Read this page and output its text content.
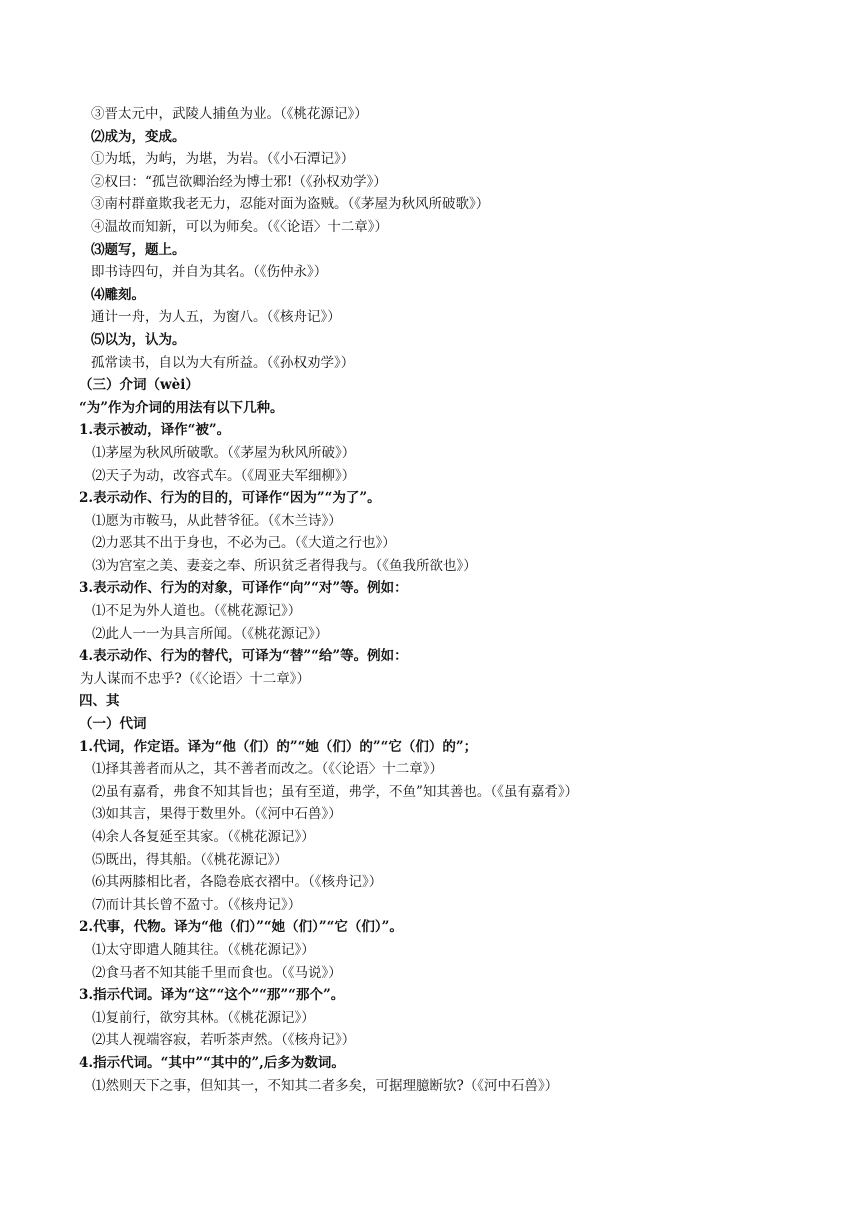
③晋太元中，武陵人捕鱼为业。（《桃花源记》）
⑵成为，变成。
①为坻，为屿，为堪，为岩。（《小石潭记》）
②权曰：“孤岂欲卿治经为博士邪!（《孙权劝学》）
③南村群童欺我老无力，忍能对面为盗贼。（《茅屋为秋风所破歌》）
④温故而知新，可以为师矣。（《〈论语〉十二章》）
⑶题写，题上。
即书诗四句，并自为其名。（《伤仲永》）
⑷雕刻。
通计一舟，为人五，为窗八。（《核舟记》）
⑸以为，认为。
孤常读书，自以为大有所益。（《孙权劝学》）
（三）介词（wèi）
“为”作为介词的用法有以下几种。
1.表示被动，译作“被”。
⑴茅屋为秋风所破歌。（《茅屋为秋风所破》）
⑵天子为动，改容式车。（《周亚夫军细柳》）
2.表示动作、行为的目的，可译作“因为”“为了”。
⑴愿为市鞍马，从此替爷征。（《木兰诗》）
⑵力恶其不出于身也，不必为己。（《大道之行也》）
⑶为宫室之美、妻妾之奉、所识贫乏者得我与。（《鱼我所欲也》）
3.表示动作、行为的对象，可译作“向”“对”等。例如：
⑴不足为外人道也。（《桃花源记》）
⑵此人一一为具言所闻。（《桃花源记》）
4.表示动作、行为的替代，可译为“替”“给”等。例如：
为人谋而不忠乎?（《〈论语〉十二章》）
四、其
（一）代词
1.代词，作定语。译为“他（们）的”“她（们）的”“它（们）的”；
⑴择其善者而从之，其不善者而改之。（《〈论语〉十二章》）
⑵虽有嘉肴，弗食不知其旨也；虽有至道，弗学，不鱼”知其善也。（《虽有嘉肴》）
⑶如其言，果得于数里外。（《河中石兽》）
⑷余人各复延至其家。（《桃花源记》）
⑸既出，得其船。（《桃花源记》）
⑹其两膝相比者，各隐卷底衣褶中。（《核舟记》）
⑺而计其长曾不盈寸。（《核舟记》）
2.代事，代物。译为“他（们）”“她（们）”“它（们）”。
⑴太守即遣人随其往。（《桃花源记》）
⑵食马者不知其能千里而食也。（《马说》）
3.指示代词。译为“这”“这个”“那”“那个”。
⑴复前行，欲穷其林。（《桃花源记》）
⑵其人视端容寂，若听茶声然。（《核舟记》）
4.指示代词。“其中”“其中的”,后多为数词。
⑴然则天下之事，但知其一，不知其二者多矣，可据理臆断欤?（《河中石兽》）
